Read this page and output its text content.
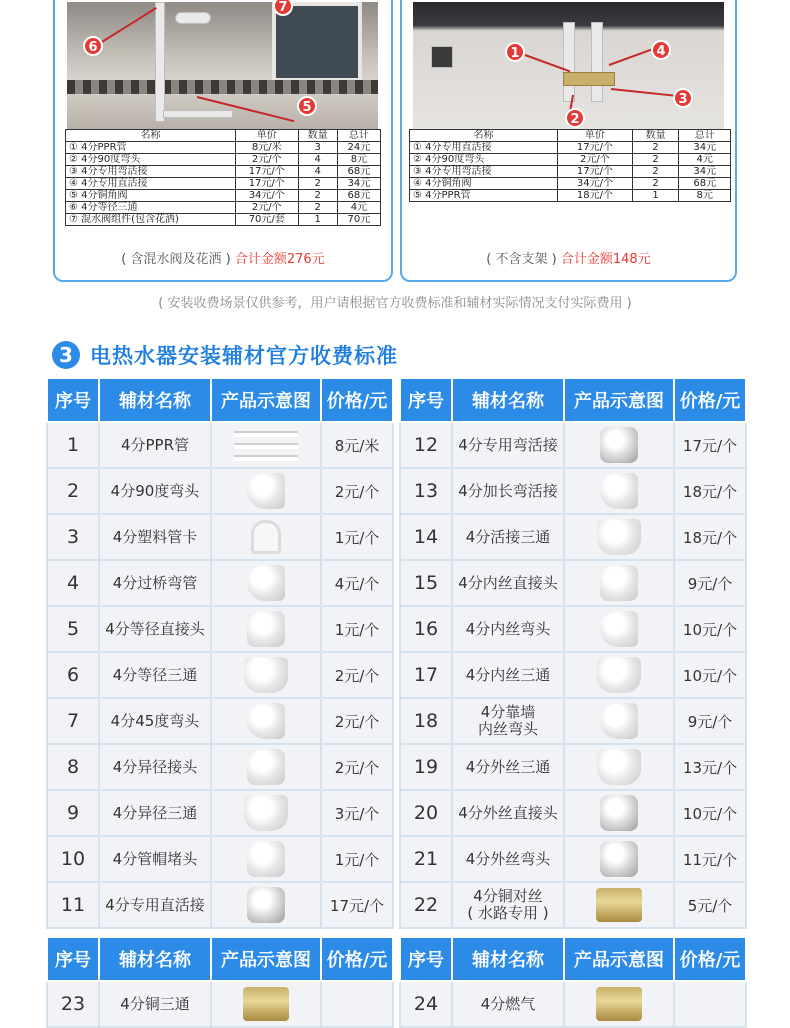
6
7
5
名称	单价	数量	总计
① 4分PPR管	8元/米	3	24元
② 4分90度弯头	2元/个	4	8元
③ 4分专用弯活接	17元/个	4	68元
④ 4分专用直活接	17元/个	2	34元
⑤ 4分铜角阀	34元/个	2	68元
⑥ 4分等径三通	2元/个	2	4元
⑦ 混水阀组件(包含花洒)	70元/套	1	70元
( 含混水阀及花洒 ) 合计金额276元
1	4
3
2
名称	单价	数量	总计
① 4分专用直活接	17元/个	2	34元
② 4分90度弯头	2元/个	2	4元
③ 4分专用弯活接	17元/个	2	34元
④ 4分铜角阀	34元/个	2	68元
⑤ 4分PPR管	18元/个	1	8元
( 不含支架 ) 合计金额148元
( 安装收费场景仅供参考，用户请根据官方收费标准和辅材实际情况支付实际费用 )
3 电热水器安装辅材官方收费标准
序号	辅材名称	产品示意图	价格/元
1	4分PPR管		8元/米
2	4分90度弯头		2元/个
3	4分塑料管卡		1元/个
4	4分过桥弯管		4元/个
5	4分等径直接头		1元/个
6	4分等径三通		2元/个
7	4分45度弯头		2元/个
8	4分异径接头		2元/个
9	4分异径三通		3元/个
10	4分管帽堵头		1元/个
11	4分专用直活接		17元/个
序号	辅材名称	产品示意图	价格/元
12	4分专用弯活接		17元/个
13	4分加长弯活接		18元/个
14	4分活接三通		18元/个
15	4分内丝直接头		9元/个
16	4分内丝弯头		10元/个
17	4分内丝三通		10元/个
18	4分靠墙
内丝弯头		9元/个
19	4分外丝三通		13元/个
20	4分外丝直接头		10元/个
21	4分外丝弯头		11元/个
22	4分铜对丝
( 水路专用 )		5元/个
序号	辅材名称	产品示意图	价格/元
23	4分铜三通		
序号	辅材名称	产品示意图	价格/元
24	4分燃气		
